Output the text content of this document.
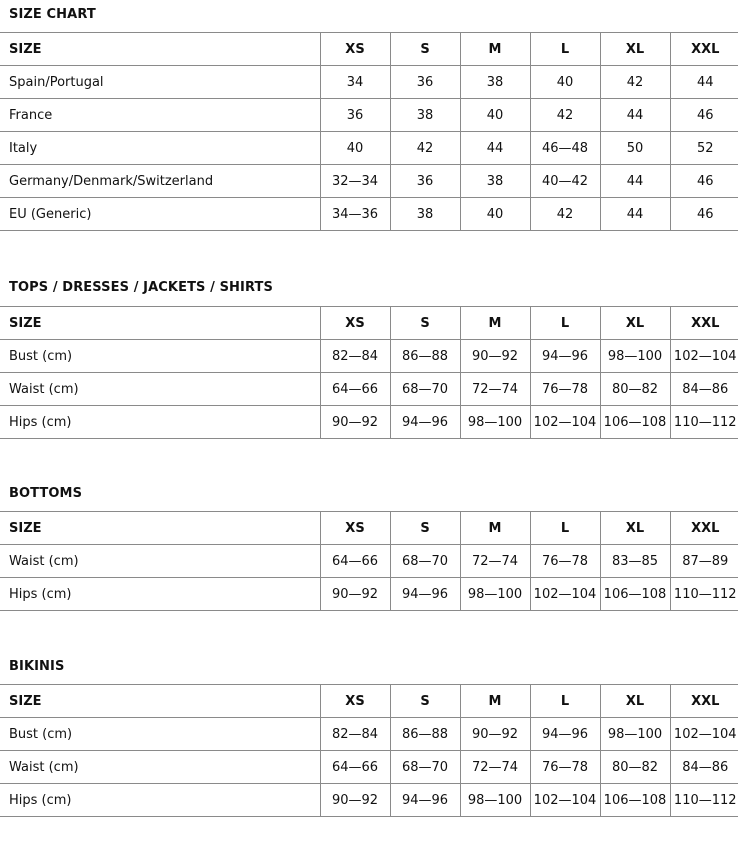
SIZE CHART
SIZE	XS	S	M	L	XL	XXL
Spain/Portugal	34	36	38	40	42	44
France	36	38	40	42	44	46
Italy	40	42	44	46—48	50	52
Germany/Denmark/Switzerland	32—34	36	38	40—42	44	46
EU (Generic)	34—36	38	40	42	44	46
TOPS / DRESSES / JACKETS / SHIRTS
SIZE	XS	S	M	L	XL	XXL
Bust (cm)	82—84	86—88	90—92	94—96	98—100	102—104
Waist (cm)	64—66	68—70	72—74	76—78	80—82	84—86
Hips (cm)	90—92	94—96	98—100	102—104	106—108	110—112
BOTTOMS
SIZE	XS	S	M	L	XL	XXL
Waist (cm)	64—66	68—70	72—74	76—78	83—85	87—89
Hips (cm)	90—92	94—96	98—100	102—104	106—108	110—112
BIKINIS
SIZE	XS	S	M	L	XL	XXL
Bust (cm)	82—84	86—88	90—92	94—96	98—100	102—104
Waist (cm)	64—66	68—70	72—74	76—78	80—82	84—86
Hips (cm)	90—92	94—96	98—100	102—104	106—108	110—112
